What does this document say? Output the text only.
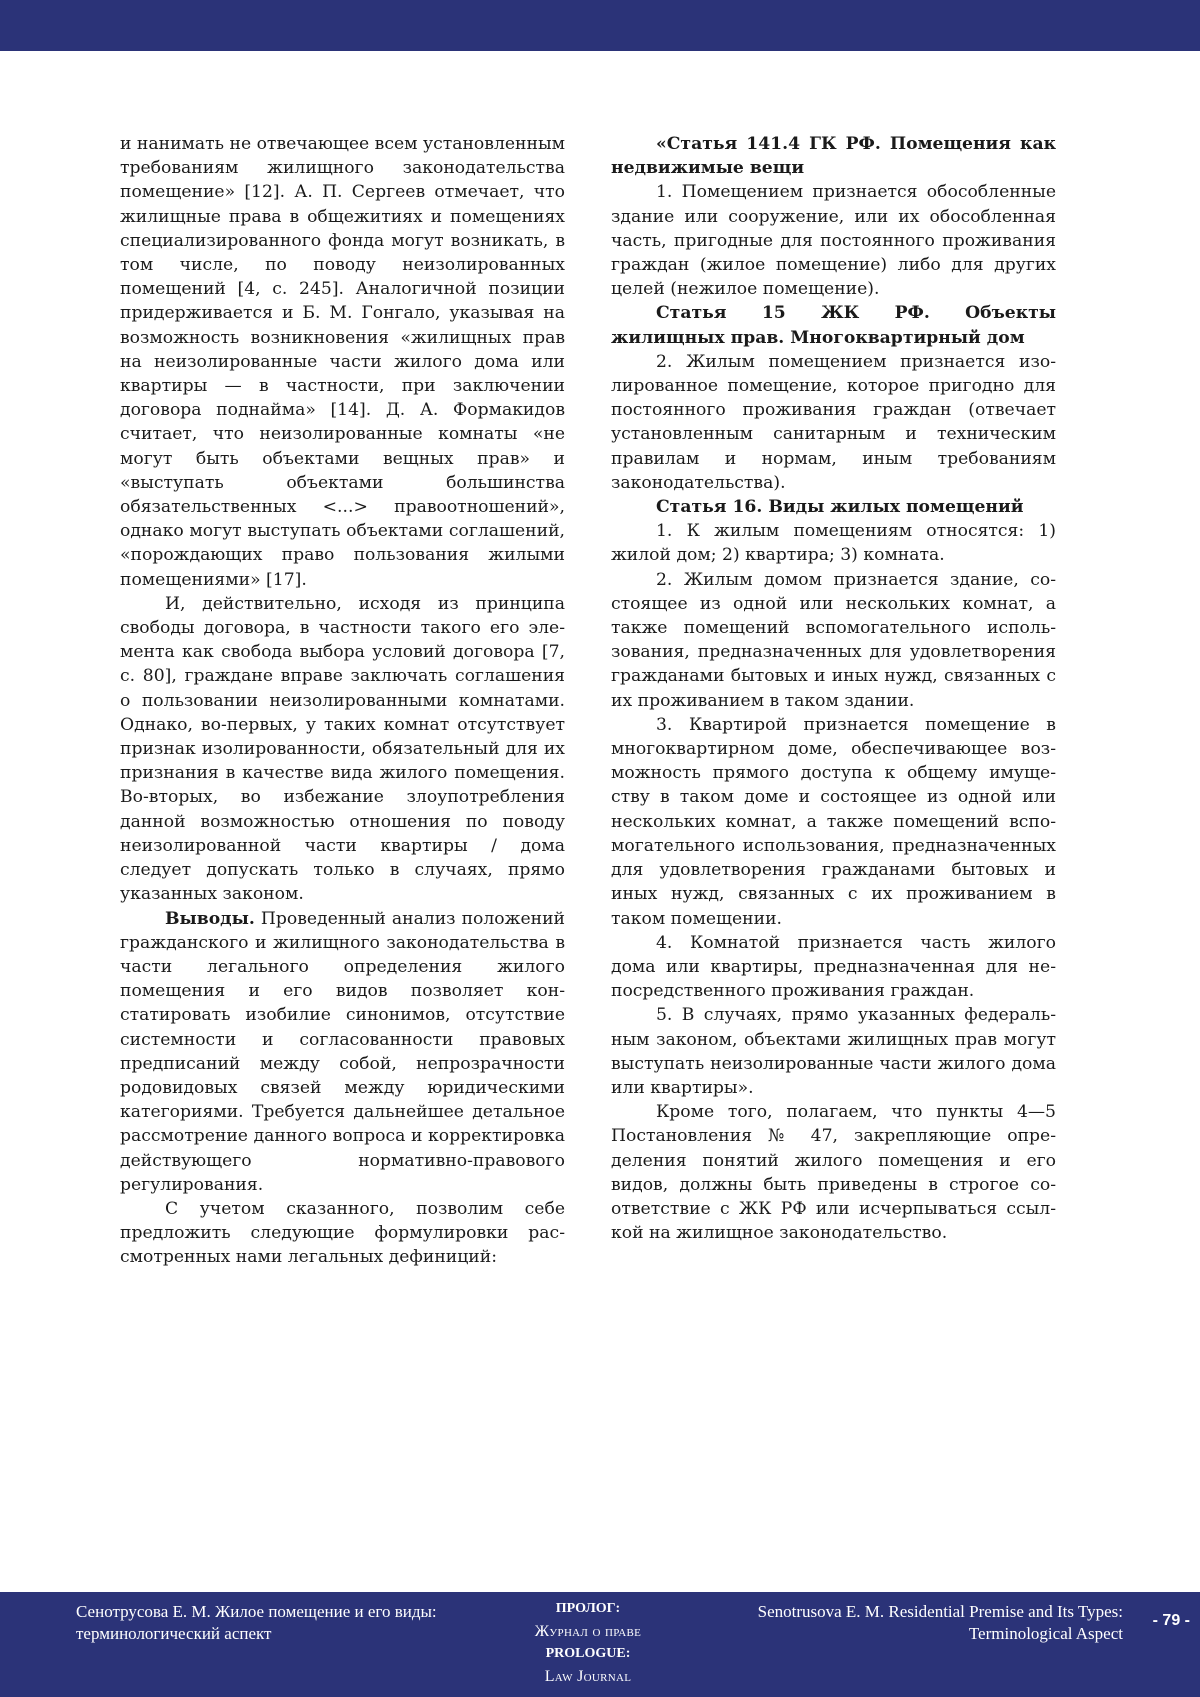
и нанимать не отвечающее всем установленным требованиям жилищного законодательства помещение» [12]. А. П. Сергеев отмечает, что жилищные права в общежитиях и помещениях специализированного фонда могут возникать, в том числе, по поводу неизолированных помещений [4, с. 245]. Аналогичной позиции придерживается и Б. М. Гонгало, указывая на возможность возникновения «жилищных прав на неизолированные части жилого дома или квартиры — в частности, при заключении договора поднайма» [14]. Д. А. Формакидов считает, что неизолированные комнаты «не могут быть объектами вещных прав» и «выступать объектами большинства обязательственных <...> правоотношений», однако могут выступать объектами соглашений, «порождающих право пользования жилыми помещениями» [17].

И, действительно, исходя из принципа свободы договора, в частности такого его элемента как свобода выбора условий договора [7, с. 80], граждане вправе заключать соглашения о пользовании неизолированными комнатами. Однако, во-первых, у таких комнат отсутствует признак изолированности, обязательный для их признания в качестве вида жилого помещения. Во-вторых, во избежание злоупотребления данной возможностью отношения по поводу неизолированной части квартиры / дома следует допускать только в случаях, прямо указанных законом.

Выводы. Проведенный анализ положений гражданского и жилищного законодательства в части легального определения жилого помещения и его видов позволяет констатировать изобилие синонимов, отсутствие системности и согласованности правовых предписаний между собой, непрозрачности родовидовых связей между юридическими категориями. Требуется дальнейшее детальное рассмотрение данного вопроса и корректировка действующего нормативно-правового регулирования.

С учетом сказанного, позволим себе предложить следующие формулировки рассмотренных нами легальных дефиниций:

«Статья 141.4 ГК РФ. Помещения как недвижимые вещи

1. Помещением признается обособленные здание или сооружение, или их обособленная часть, пригодные для постоянного проживания граждан (жилое помещение) либо для других целей (нежилое помещение).

Статья 15 ЖК РФ. Объекты жилищных прав. Многоквартирный дом

2. Жилым помещением признается изолированное помещение, которое пригодно для постоянного проживания граждан (отвечает установленным санитарным и техническим правилам и нормам, иным требованиям законодательства).

Статья 16. Виды жилых помещений

1. К жилым помещениям относятся: 1) жилой дом; 2) квартира; 3) комната.

2. Жилым домом признается здание, состоящее из одной или нескольких комнат, а также помещений вспомогательного использования, предназначенных для удовлетворения гражданами бытовых и иных нужд, связанных с их проживанием в таком здании.

3. Квартирой признается помещение в многоквартирном доме, обеспечивающее возможность прямого доступа к общему имуществу в таком доме и состоящее из одной или нескольких комнат, а также помещений вспомогательного использования, предназначенных для удовлетворения гражданами бытовых и иных нужд, связанных с их проживанием в таком помещении.

4. Комнатой признается часть жилого дома или квартиры, предназначенная для непосредственного проживания граждан.

5. В случаях, прямо указанных федеральным законом, объектами жилищных прав могут выступать неизолированные части жилого дома или квартиры».

Кроме того, полагаем, что пункты 4—5 Постановления № 47, закрепляющие определения понятий жилого помещения и его видов, должны быть приведены в строгое соответствие с ЖК РФ или исчерпываться ссылкой на жилищное законодательство.

Сенотрусова Е. М. Жилое помещение и его виды:
терминологический аспект
ПРОЛОГ:
Журнал о праве
PROLOGUE:
Law Journal
Senotrusova E. M. Residential Premise and Its Types:
Terminological Aspect
- 79 -
